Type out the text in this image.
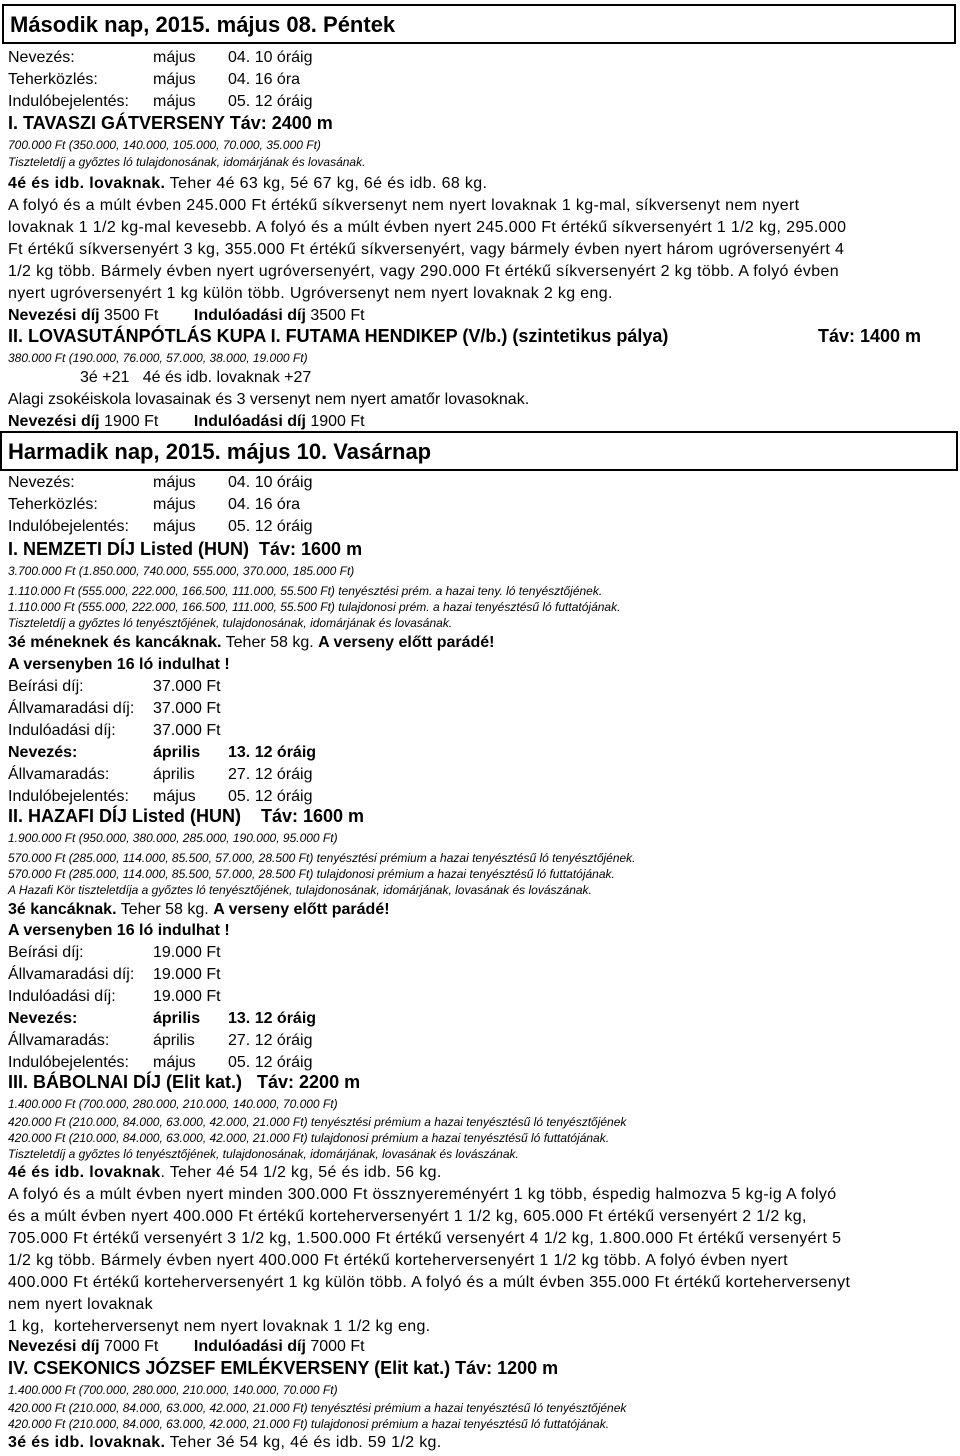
Második nap, 2015. május 08. Péntek
Nevezés:	május 04. 10 óráig
Teherközlés:	május 04. 16 óra
Indulóbejelentés: május 05. 12 óráig
I. TAVASZI GÁTVERSENY Táv: 2400 m
700.000 Ft (350.000, 140.000, 105.000, 70.000, 35.000 Ft)
Tiszteletdíj a győztes ló tulajdonosának, idomárjának és lovasának.
4é és idb. lovaknak. Teher 4é 63 kg, 5é 67 kg, 6é és idb. 68 kg.
A folyó és a múlt évben 245.000 Ft értékű síkversenyt nem nyert lovaknak 1 kg-mal, síkversenyt nem nyert
lovaknak 1 1/2 kg-mal kevesebb. A folyó és a múlt évben nyert 245.000 Ft értékű síkversenyért 1 1/2 kg, 295.000
Ft értékű síkversenyért 3 kg, 355.000 Ft értékű síkversenyért, vagy bármely évben nyert három ugróversenyért 4
1/2 kg több. Bármely évben nyert ugróversenyért, vagy 290.000 Ft értékű síkversenyért 2 kg több. A folyó évben
nyert ugróversenyért 1 kg külön több. Ugróversenyt nem nyert lovaknak 2 kg eng.
Nevezési díj 3500 Ft Indulóadási díj 3500 Ft
II. LOVASUTÁNPÓTLÁS KUPA I. FUTAMA HENDIKEP (V/b.) (szintetikus pálya)	Táv: 1400 m
380.000 Ft (190.000, 76.000, 57.000, 38.000, 19.000 Ft)
3é +21   4é és idb. lovaknak +27
Alagi zsokéiskola lovasainak és 3 versenyt nem nyert amatőr lovasoknak.
Nevezési díj 1900 Ft Indulóadási díj 1900 Ft
Harmadik nap, 2015. május 10. Vasárnap
Nevezés:	május 04. 10 óráig
Teherközlés:	május 04. 16 óra
Indulóbejelentés: május 05. 12 óráig
I. NEMZETI DÍJ Listed (HUN)  Táv: 1600 m
3.700.000 Ft (1.850.000, 740.000, 555.000, 370.000, 185.000 Ft)
1.110.000 Ft (555.000, 222.000, 166.500, 111.000, 55.500 Ft) tenyésztési prém. a hazai teny. ló tenyésztőjének.
1.110.000 Ft (555.000, 222.000, 166.500, 111.000, 55.500 Ft) tulajdonosi prém. a hazai tenyésztésű ló futtatójának.
Tiszteletdíj a győztes ló tenyésztőjének, tulajdonosának, idomárjának és lovasának.
3é méneknek és kancáknak. Teher 58 kg. A verseny előtt parádé!
A versenyben 16 ló indulhat !
Beírási díj:	37.000 Ft
Állvamaradási díj: 37.000 Ft
Indulóadási díj: 37.000 Ft
Nevezés:	április 13. 12 óráig
Állvamaradás:	április 27. 12 óráig
Indulóbejelentés: május 05. 12 óráig
II. HAZAFI DÍJ Listed (HUN)    Táv: 1600 m
1.900.000 Ft (950.000, 380.000, 285.000, 190.000, 95.000 Ft)
570.000 Ft (285.000, 114.000, 85.500, 57.000, 28.500 Ft) tenyésztési prémium a hazai tenyésztésű ló tenyésztőjének.
570.000 Ft (285.000, 114.000, 85.500, 57.000, 28.500 Ft) tulajdonosi prémium a hazai tenyésztésű ló futtatójának.
A Hazafi Kör tiszteletdíja a győztes ló tenyésztőjének, tulajdonosának, idomárjának, lovasának és lovászának.
3é kancáknak. Teher 58 kg. A verseny előtt parádé!
A versenyben 16 ló indulhat !
Beírási díj:	19.000 Ft
Állvamaradási díj: 19.000 Ft
Indulóadási díj: 19.000 Ft
Nevezés:	április 13. 12 óráig
Állvamaradás:	április 27. 12 óráig
Indulóbejelentés: május 05. 12 óráig
III. BÁBOLNAI DÍJ (Elit kat.)   Táv: 2200 m
1.400.000 Ft (700.000, 280.000, 210.000, 140.000, 70.000 Ft)
420.000 Ft (210.000, 84.000, 63.000, 42.000, 21.000 Ft) tenyésztési prémium a hazai tenyésztésű ló tenyésztőjének
420.000 Ft (210.000, 84.000, 63.000, 42.000, 21.000 Ft) tulajdonosi prémium a hazai tenyésztésű ló futtatójának.
Tiszteletdíj a győztes ló tenyésztőjének, tulajdonosának, idomárjának, lovasának és lovászának.
4é és idb. lovaknak. Teher 4é 54 1/2 kg, 5é és idb. 56 kg.
A folyó és a múlt évben nyert minden 300.000 Ft össznyereményért 1 kg több, éspedig halmozva 5 kg-ig A folyó
és a múlt évben nyert 400.000 Ft értékű korteherversenyért 1 1/2 kg, 605.000 Ft értékű versenyért 2 1/2 kg,
705.000 Ft értékű versenyért 3 1/2 kg, 1.500.000 Ft értékű versenyért 4 1/2 kg, 1.800.000 Ft értékű versenyért 5
1/2 kg több. Bármely évben nyert 400.000 Ft értékű korteherversenyért 1 1/2 kg több. A folyó évben nyert
400.000 Ft értékű korteherversenyért 1 kg külön több. A folyó és a múlt évben 355.000 Ft értékű korteherversenyt
nem nyert lovaknak
1 kg,  korteherversenyt nem nyert lovaknak 1 1/2 kg eng.
Nevezési díj 7000 Ft Indulóadási díj 7000 Ft
IV. CSEKONICS JÓZSEF EMLÉKVERSENY (Elit kat.) Táv: 1200 m
1.400.000 Ft (700.000, 280.000, 210.000, 140.000, 70.000 Ft)
420.000 Ft (210.000, 84.000, 63.000, 42.000, 21.000 Ft) tenyésztési prémium a hazai tenyésztésű ló tenyésztőjének
420.000 Ft (210.000, 84.000, 63.000, 42.000, 21.000 Ft) tulajdonosi prémium a hazai tenyésztésű ló futtatójának.
3é és idb. lovaknak. Teher 3é 54 kg, 4é és idb. 59 1/2 kg.
